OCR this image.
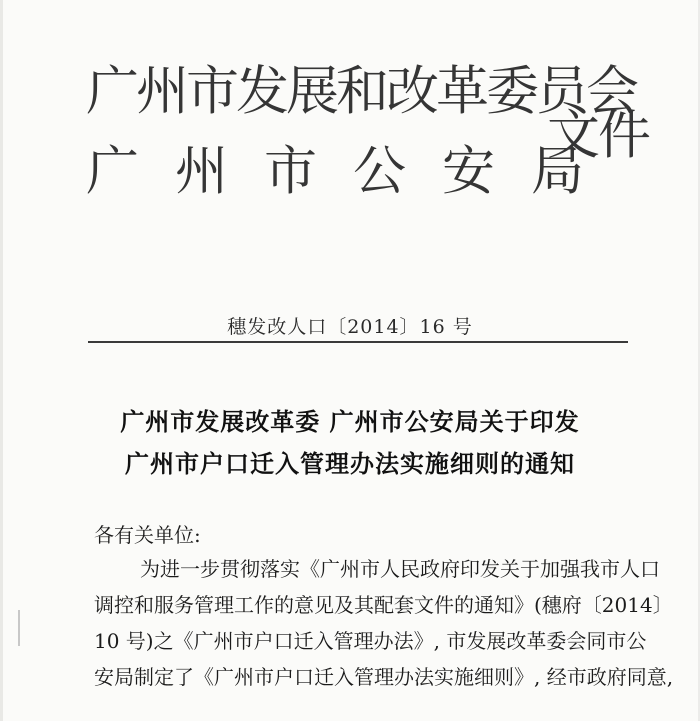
广州市发展和改革委员会
广州市公安局
文件
穗发改人口〔2014〕16 号
广州市发展改革委 广州市公安局关于印发
广州市户口迁入管理办法实施细则的通知
各有关单位:

为进一步贯彻落实《广州市人民政府印发关于加强我市人口

调控和服务管理工作的意见及其配套文件的通知》(穗府〔2014〕

10 号)之《广州市户口迁入管理办法》, 市发展改革委会同市公

安局制定了《广州市户口迁入管理办法实施细则》, 经市政府同意,
